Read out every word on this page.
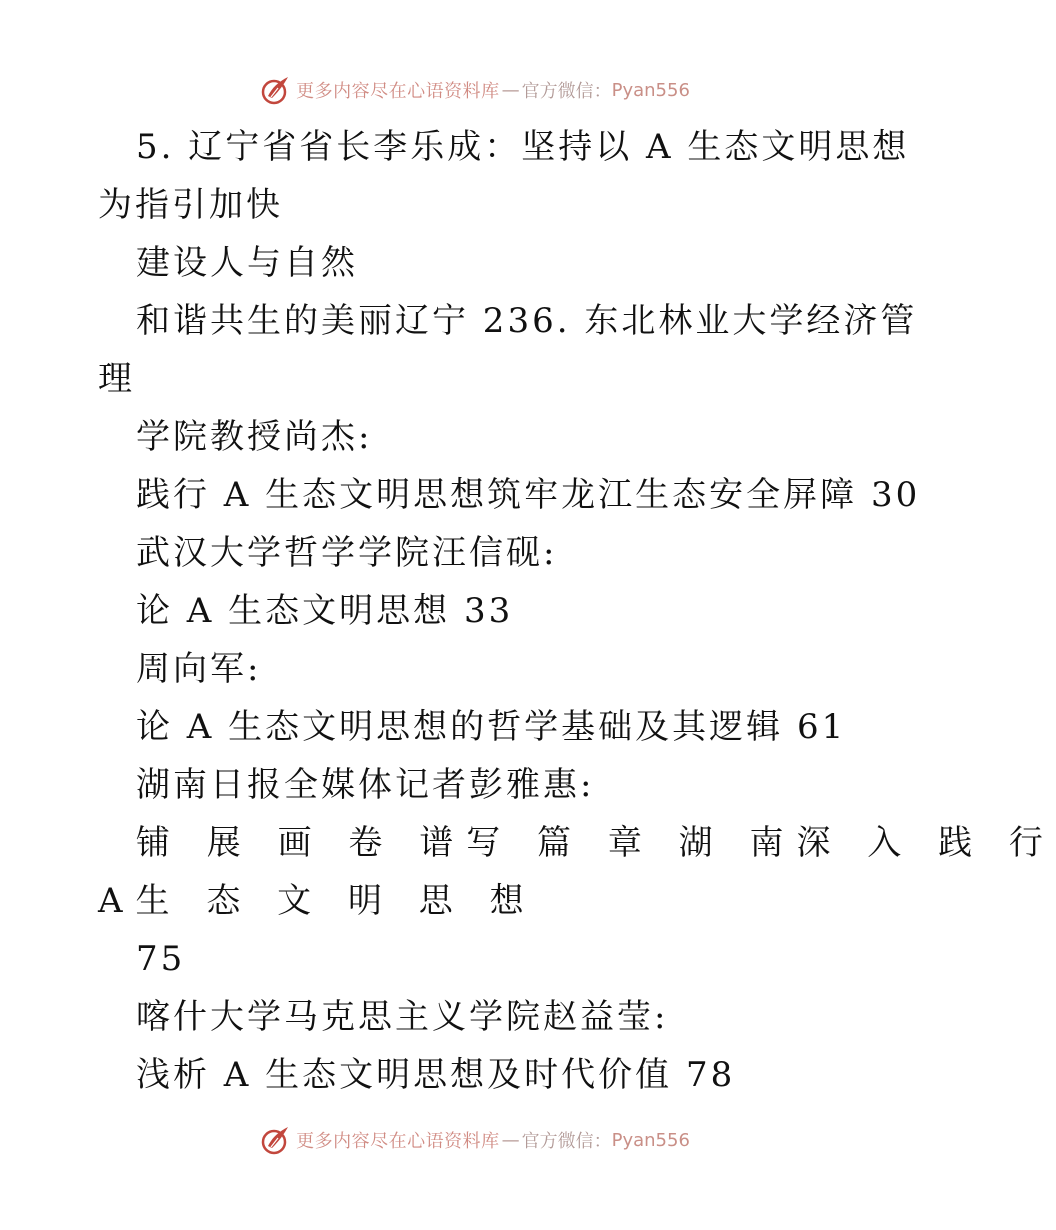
更多内容尽在心语资料库 — 官方微信： Pyan556
5. 辽宁省省长李乐成：坚持以 A 生态文明思想
为指引加快
建设人与自然
和谐共生的美丽辽宁 236. 东北林业大学经济管
理
学院教授尚杰:
践行 A 生态文明思想筑牢龙江生态安全屏障 30
武汉大学哲学学院汪信砚:
论 A 生态文明思想 33
周向军:
论 A 生态文明思想的哲学基础及其逻辑 61
湖南日报全媒体记者彭雅惠:
铺 展 画 卷 谱写 篇 章 湖 南深 入 践 行
A生 态 文 明 思 想
75
喀什大学马克思主义学院赵益莹:
浅析 A 生态文明思想及时代价值 78
更多内容尽在心语资料库 — 官方微信： Pyan556
